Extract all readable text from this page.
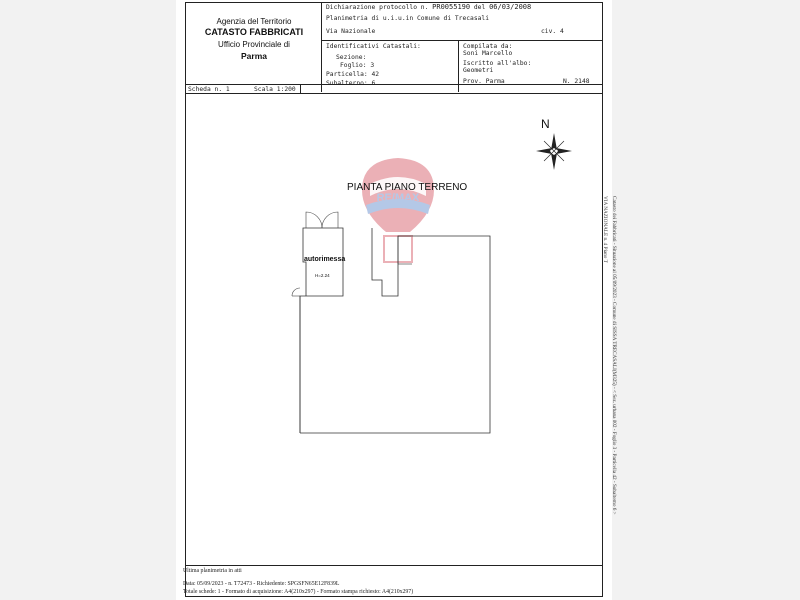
Agenzia del Territorio
CATASTO FABBRICATI
Ufficio Provinciale di
Parma
Dichiarazione protocollo n. PR0055190 del 06/03/2008
Planimetria di u.i.u.in Comune di Trecasali
Via Nazionale	civ. 4
Identificativi Catastali:
Sezione:
Foglio: 3
Particella: 42
Subalterno: 6
Compilata da:
Soni Marcello
Iscritto all'albo:
Geometri
Prov. Parma	N. 2148
Scheda n. 1	Scala 1:200
RE/MAX
N
PIANTA PIANO TERRENO
autorimessa
H=2.24
Ultima planimetria in atti
Data: 05/09/2023 - n. T72473 - Richiedente: SPGSFN65E12F839L
Totale schede: 1 - Formato di acquisizione: A4(210x297) - Formato stampa richiesto: A4(210x297)
Catasto dei Fabbricati - Situazione al 05/09/2023 - Comune di SISSA TRECASALI(M325) - < Sez. urbana 002 - Foglio 3 - Particella 42 - Subalterno 6 >
VIA NAZIONALE n. 4 Piano T
